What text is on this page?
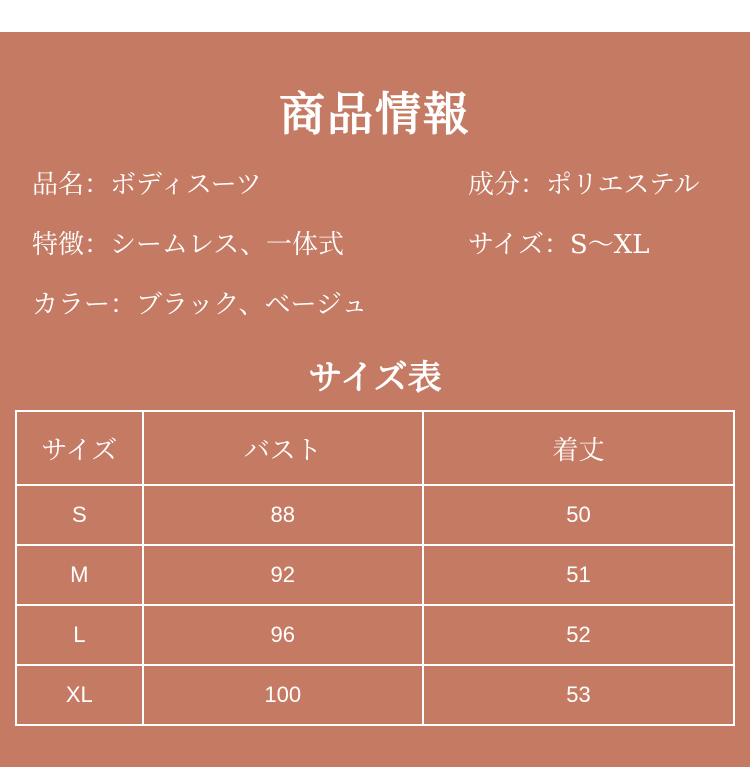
商品情報
品名：ボディスーツ	成分：ポリエステル
特徴：シームレス、一体式	サイズ：S〜XL
カラー：ブラック、ベージュ
サイズ表
サイズ	バスト	着丈
S	88	50
M	92	51
L	96	52
XL	100	53
